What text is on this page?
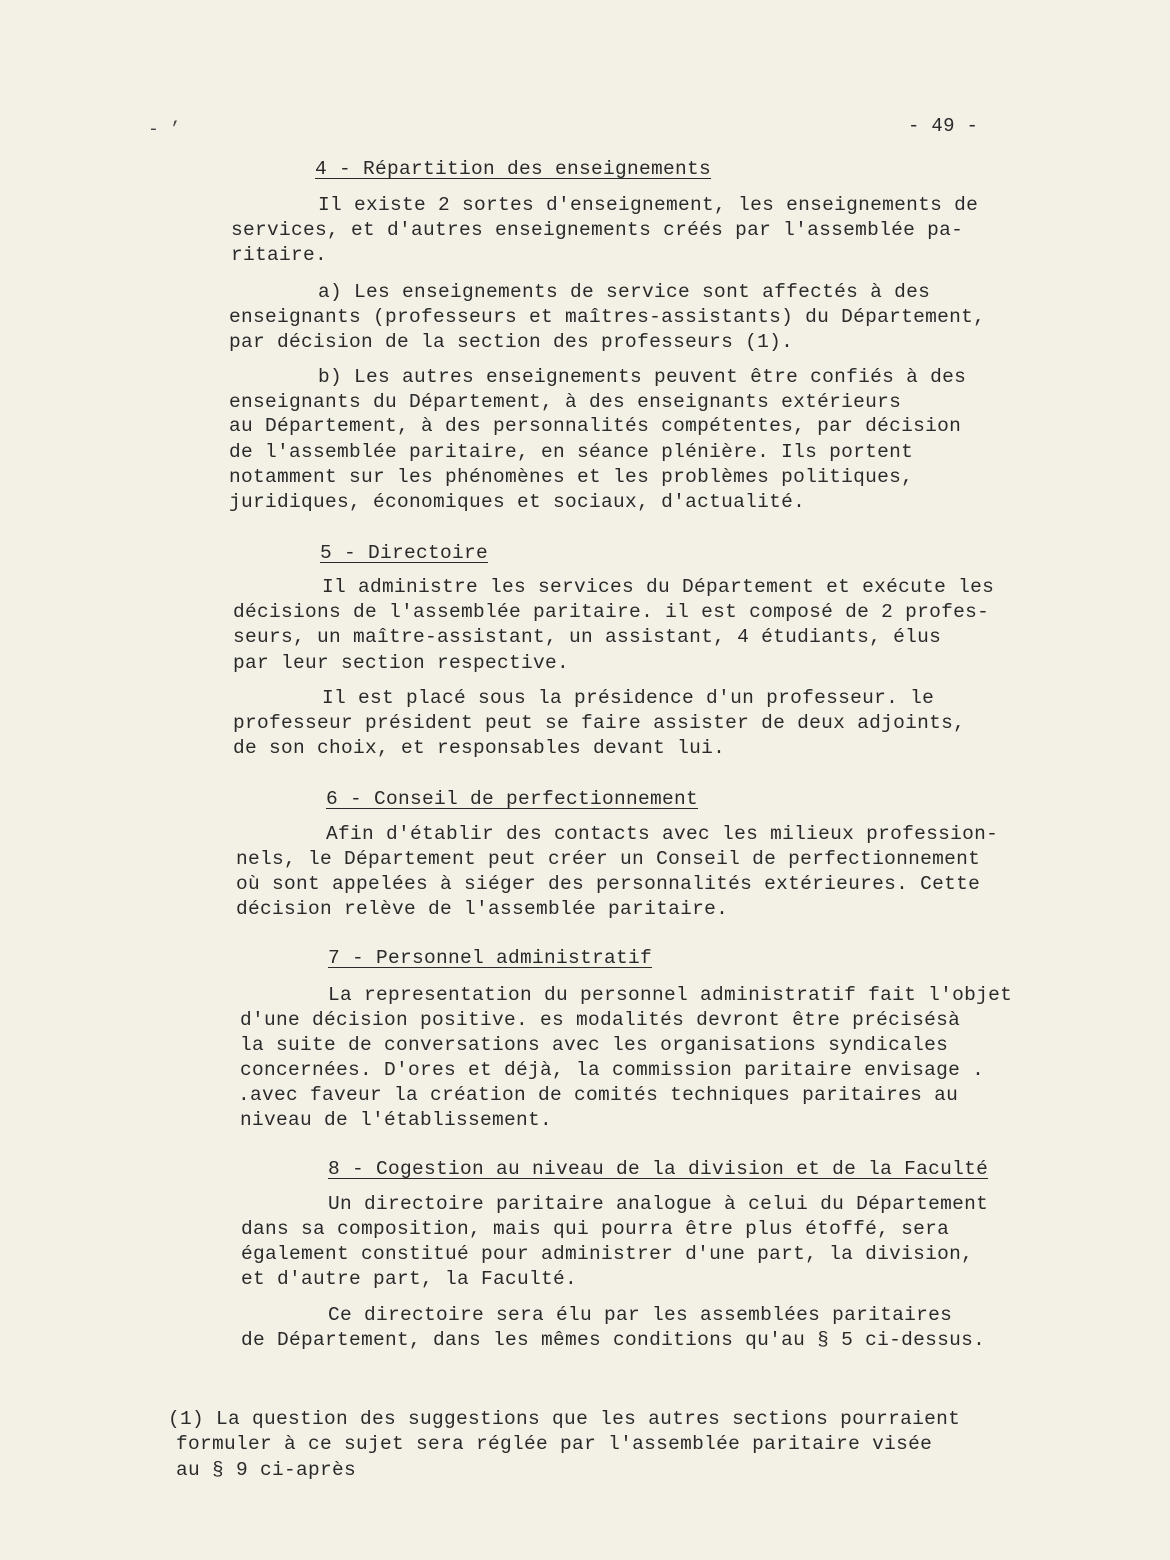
- ’	- 49 -
4 - Répartition des enseignements
Il existe 2 sortes d'enseignement, les enseignements de
services, et d'autres enseignements créés par l'assemblée pa-
ritaire.
a) Les enseignements de service sont affectés à des
enseignants (professeurs et maîtres-assistants) du Département,
par décision de la section des professeurs (1).
b) Les autres enseignements peuvent être confiés à des
enseignants du Département, à des enseignants extérieurs
au Département, à des personnalités compétentes, par décision
de l'assemblée paritaire, en séance plénière. Ils portent
notamment sur les phénomènes et les problèmes politiques,
juridiques, économiques et sociaux, d'actualité.
5 - Directoire
Il administre les services du Département et exécute les
décisions de l'assemblée paritaire. il est composé de 2 profes-
seurs, un maître-assistant, un assistant, 4 étudiants, élus
par leur section respective.
Il est placé sous la présidence d'un professeur. le
professeur président peut se faire assister de deux adjoints,
de son choix, et responsables devant lui.
6 - Conseil de perfectionnement
Afin d'établir des contacts avec les milieux profession-
nels, le Département peut créer un Conseil de perfectionnement
où sont appelées à siéger des personnalités extérieures. Cette
décision relève de l'assemblée paritaire.
7 - Personnel administratif
La representation du personnel administratif fait l'objet
d'une décision positive. es modalités devront être précisésà
la suite de conversations avec les organisations syndicales
concernées. D'ores et déjà, la commission paritaire envisage .
.avec faveur la création de comités techniques paritaires au
niveau de l'établissement.
8 - Cogestion au niveau de la division et de la Faculté
Un directoire paritaire analogue à celui du Département
dans sa composition, mais qui pourra être plus étoffé, sera
également constitué pour administrer d'une part, la division,
et d'autre part, la Faculté.
Ce directoire sera élu par les assemblées paritaires
de Département, dans les mêmes conditions qu'au § 5 ci-dessus.
(1) La question des suggestions que les autres sections pourraient
formuler à ce sujet sera réglée par l'assemblée paritaire visée
au § 9 ci-après
